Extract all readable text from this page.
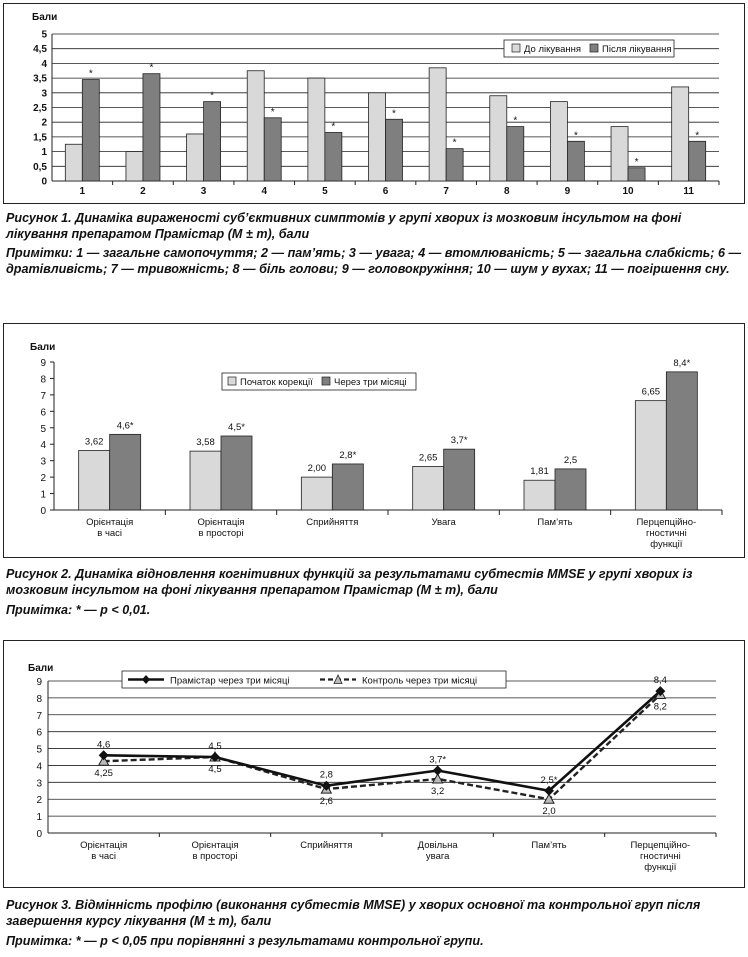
0
0,5
1
1,5
2
2,5
3
3,5
4
4,5
5
Бали
1
*
2
*
3
*
4
*
5
*
6
*
7
*
8
*
9
*
10
*
11
*
До лікування Після лікування

Рисунок 1. Динаміка вираженості суб’єктивних симптомів у групі хворих із мозковим інсультом на фоні лікування препаратом Прамістар (М ± m), бали

Примітки: 1 — загальне самопочуття; 2 — пам’ять; 3 — увага; 4 — втомлюваність; 5 — загальна слабкість; 6 — дратівливість; 7 — тривожність; 8 — біль голови; 9 — головокружіння; 10 — шум у вухах; 11 — погіршення сну.

0
1
2
3
4
5
6
7
8
9
Бали
Орієнтація
в часі
3,62
4,6*
Орієнтація
в просторі
3,58
4,5*
Сприйняття
2,00
2,8*
Увага
2,65
3,7*
Пам’ять
1,81
2,5
Перцепційно-
гностичні
функції
6,65
8,4*
Початок корекції Через три місяці

Рисунок 2. Динаміка відновлення когнітивних функцій за результатами субтестів MMSE у групі хворих із мозковим інсультом на фоні лікування препаратом Прамістар (М ± m), бали

Примітка: * — p < 0,01.

0
1
2
3
4
5
6
7
8
9
Бали
Орієнтація
в часі
Орієнтація
в просторі
Сприйняття	Довільна
увага
Пам’ять	Перцепційно-
гностичні
функції
4,25	4,5
2,6
3,2
2,0
8,2
4,6	4,5
2,8
3,7*
2,5*
8,4
Прамістар через три місяці	Контроль через три місяці

Рисунок 3. Відмінність профілю (виконання субтестів MMSE) у хворих основної та контрольної груп після завершення курсу лікування (М ± m), бали

Примітка: * — p < 0,05 при порівнянні з результатами контрольної групи.
